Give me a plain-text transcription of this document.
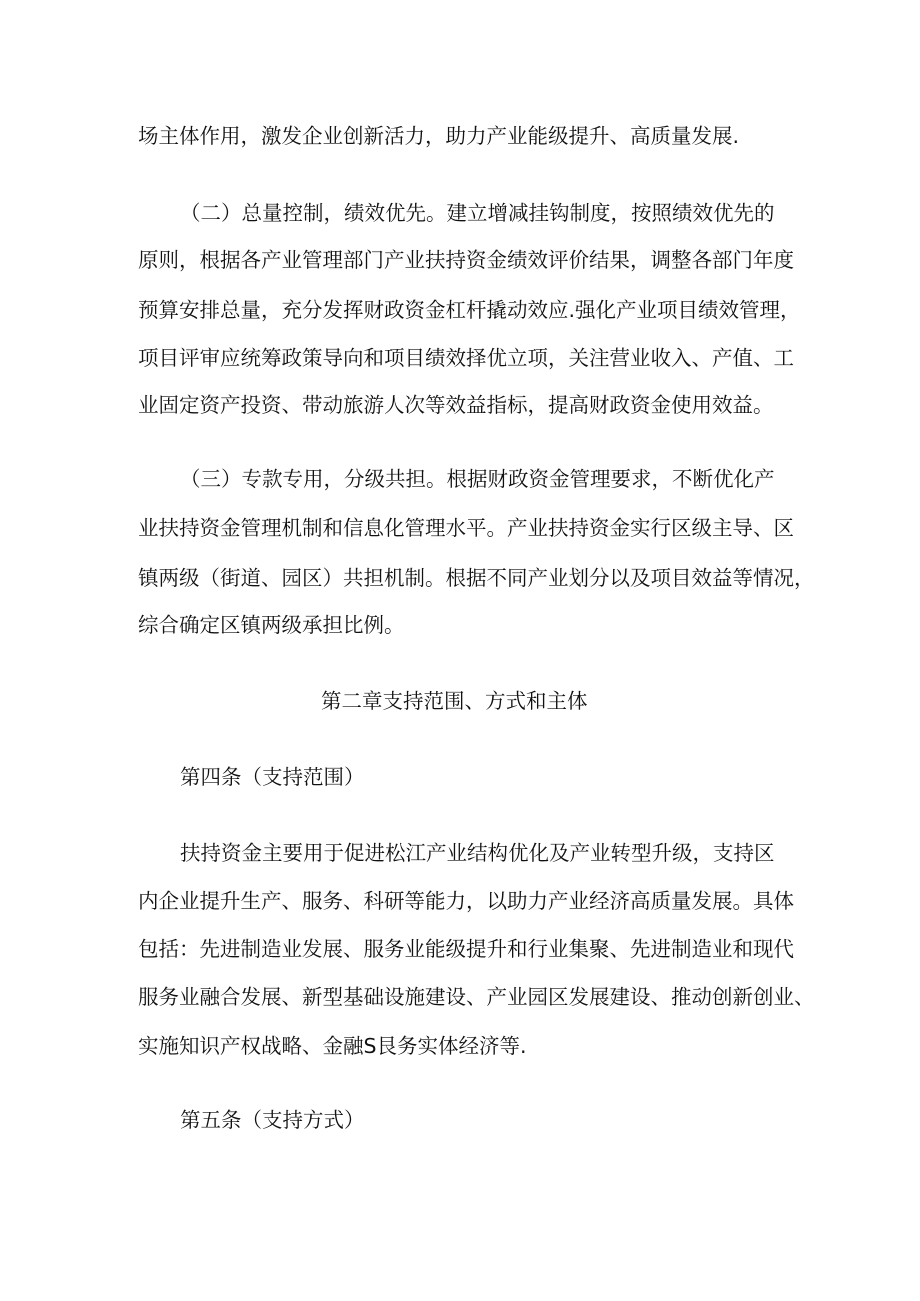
场主体作用，激发企业创新活力，助力产业能级提升、高质量发展.
（二）总量控制，绩效优先。建立增减挂钩制度，按照绩效优先的
原则，根据各产业管理部门产业扶持资金绩效评价结果，调整各部门年度
预算安排总量，充分发挥财政资金杠杆撬动效应.强化产业项目绩效管理，
项目评审应统筹政策导向和项目绩效择优立项，关注营业收入、产值、工
业固定资产投资、带动旅游人次等效益指标，提高财政资金使用效益。
（三）专款专用，分级共担。根据财政资金管理要求，不断优化产
业扶持资金管理机制和信息化管理水平。产业扶持资金实行区级主导、区
镇两级（街道、园区）共担机制。根据不同产业划分以及项目效益等情况，
综合确定区镇两级承担比例。
第二章支持范围、方式和主体
第四条（支持范围）
扶持资金主要用于促进松江产业结构优化及产业转型升级，支持区
内企业提升生产、服务、科研等能力，以助力产业经济高质量发展。具体
包括：先进制造业发展、服务业能级提升和行业集聚、先进制造业和现代
服务业融合发展、新型基础设施建设、产业园区发展建设、推动创新创业、
实施知识产权战略、金融S艮务实体经济等.
第五条（支持方式）
